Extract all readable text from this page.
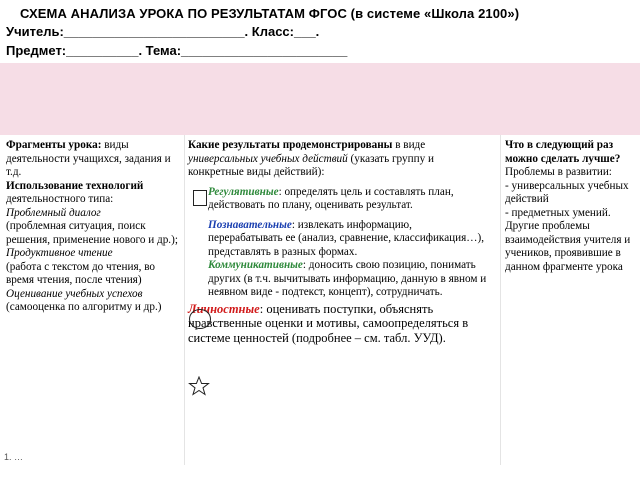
СХЕМА АНАЛИЗА УРОКА ПО РЕЗУЛЬТАТАМ ФГОС (в системе «Школа 2100»)
Учитель:_________________________. Класс:___.
Предмет:__________. Тема:_______________________

Фрагменты урока: виды деятельности учащихся, задания и т.д.

Использование технологий

деятельностного типа:

Проблемный диалог

(проблемная ситуация, поиск решения, применение нового и др.);

Продуктивное чтение

(работа с текстом до чтения, во время чтения, после чтения)

Оценивание учебных успехов

(самооценка по алгоритму и др.)

Какие результаты продемонстрированы в виде универсальных учебных действий (указать группу и конкретные виды действий):

Регулятивные: определять цель и составлять план, действовать по плану, оценивать результат.

Познавательные: извлекать информацию, перерабатывать ее (анализ, сравнение, классификация…), представлять в разных формах.

Коммуникативные: доносить свою позицию, понимать других (в т.ч. вычитывать информацию, данную в явном и неявном виде - подтекст, концепт), сотрудничать.

Личностные: оценивать поступки, объяснять нравственные оценки и мотивы, самоопределяться в системе ценностей (подробнее – см. табл. УУД).

Что в следующий раз можно сделать лучше?

Проблемы в развитии:

- универсальных учебных действий

- предметных умений.

Другие проблемы взаимодействия учителя и учеников, проявившие в данном фрагменте урока

1. …
